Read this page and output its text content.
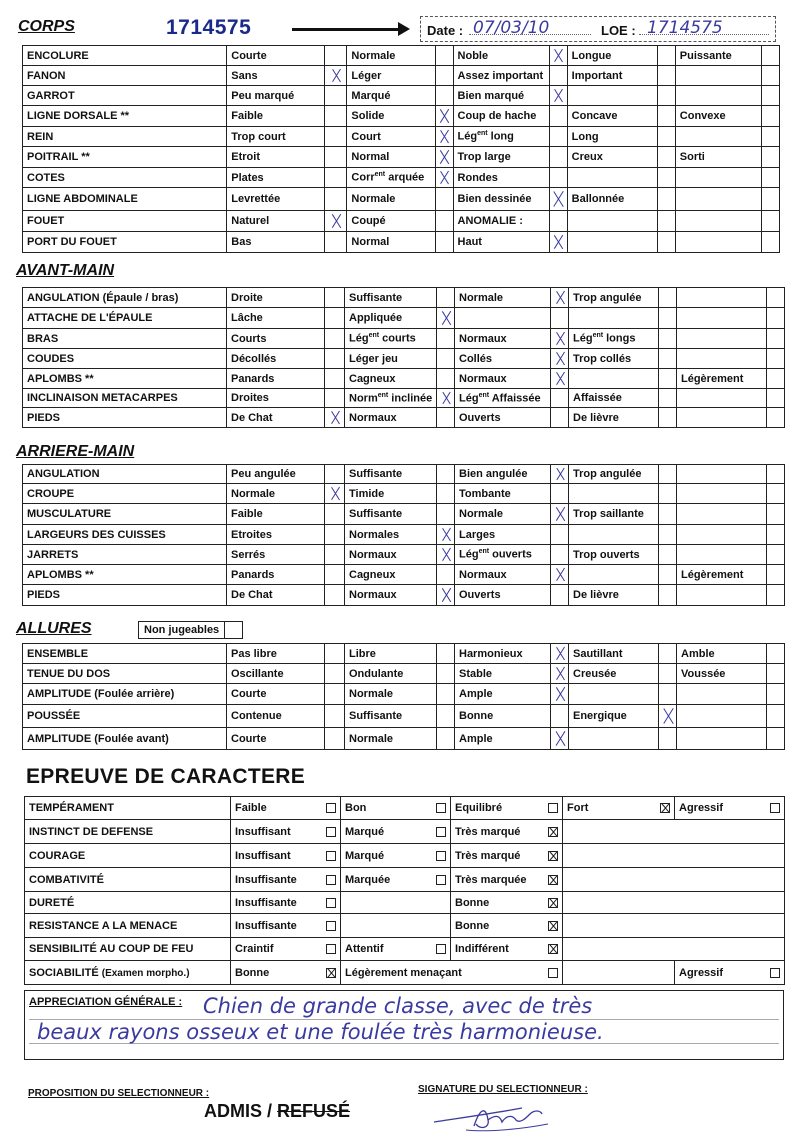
CORPS	1714575	Date : 07/03/10	LOE : 1714575
ENCOLURE	Courte		Normale		Noble		Longue		Puissante	
FANON	Sans		Léger		Assez important		Important			
GARROT	Peu marqué		Marqué		Bien marqué					
LIGNE DORSALE **	Faible		Solide		Coup de hache		Concave		Convexe	
REIN	Trop court		Court		Lég$^{ent}$ long		Long			
POITRAIL **	Etroit		Normal		Trop large		Creux		Sorti	
COTES	Plates		Corr$^{ent}$ arquée		Rondes					
LIGNE ABDOMINALE	Levrettée		Normale		Bien dessinée		Ballonnée			
FOUET	Naturel		Coupé		ANOMALIE :					
PORT DU FOUET	Bas		Normal		Haut					
AVANT-MAIN
ANGULATION (Épaule / bras)	Droite		Suffisante		Normale		Trop angulée			
ATTACHE DE L'ÉPAULE	Lâche		Appliquée							
BRAS	Courts		Lég$^{ent}$ courts		Normaux		Lég$^{ent}$ longs			
COUDES	Décollés		Léger jeu		Collés		Trop collés			
APLOMBS **	Panards		Cagneux		Normaux				Légèrement	
INCLINAISON METACARPES	Droites		Norm$^{ent}$ inclinée		Lég$^{ent}$ Affaissée		Affaissée			
PIEDS	De Chat		Normaux		Ouverts		De lièvre			
ARRIERE-MAIN
ANGULATION	Peu angulée		Suffisante		Bien angulée		Trop angulée			
CROUPE	Normale		Timide		Tombante					
MUSCULATURE	Faible		Suffisante		Normale		Trop saillante			
LARGEURS DES CUISSES	Etroites		Normales		Larges					
JARRETS	Serrés		Normaux		Lég$^{ent}$ ouverts		Trop ouverts			
APLOMBS **	Panards		Cagneux		Normaux				Légèrement	
PIEDS	De Chat		Normaux		Ouverts		De lièvre			
ALLURES	Non jugeables
ENSEMBLE	Pas libre		Libre		Harmonieux		Sautillant		Amble	
TENUE DU DOS	Oscillante		Ondulante		Stable		Creusée		Voussée	
AMPLITUDE (Foulée arrière)	Courte		Normale		Ample					
POUSSÉE	Contenue		Suffisante		Bonne		Energique			
AMPLITUDE (Foulée avant)	Courte		Normale		Ample					
EPREUVE DE CARACTERE
TEMPÉRAMENT	Faible	Bon	Equilibré	Fort	Agressif

INSTINCT DE DEFENSE	Insuffisant	Marqué	Très marqué	

COURAGE	Insuffisant	Marqué	Très marqué	

COMBATIVITÉ	Insuffisante	Marquée	Très marquée	

DURETÉ	Insuffisante		Bonne	

RESISTANCE A LA MENACE	Insuffisante		Bonne	

SENSIBILITÉ AU COUP DE FEU	Craintif	Attentif	Indifférent	

SOCIABILITÉ (Examen morpho.)	Bonne	Légèrement menaçant			Agressif
APPRECIATION GÉNÉRALE : Chien de grande classe, avec de très
beaux rayons osseux et une foulée très harmonieuse.
PROPOSITION DU SELECTIONNEUR :	SIGNATURE DU SELECTIONNEUR :
ADMIS / REFUSÉ
